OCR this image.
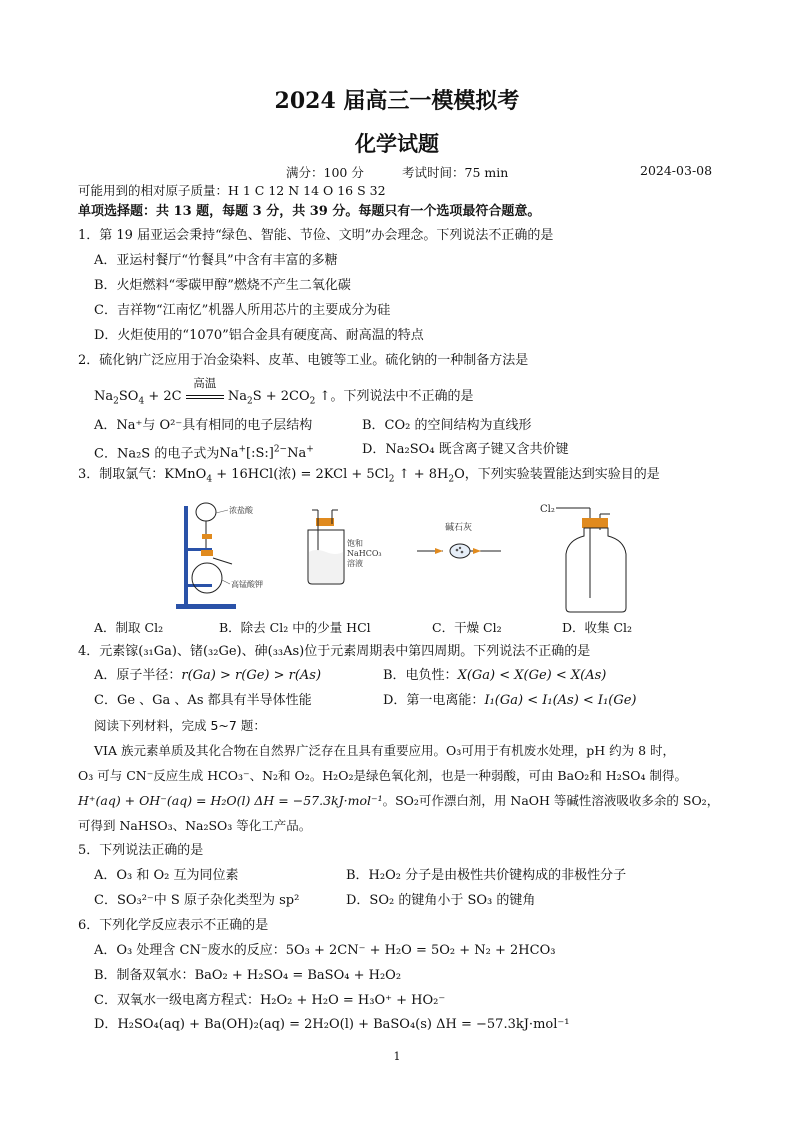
2024 届高三一模模拟考
化学试题
满分：100 分	考试时间：75 min	2024-03-08
可能用到的相对原子质量：H 1 C 12 N 14 O 16 S 32
单项选择题：共 13 题，每题 3 分，共 39 分。每题只有一个选项最符合题意。
1．第 19 届亚运会秉持“绿色、智能、节俭、文明”办会理念。下列说法不正确的是
A．亚运村餐厅“竹餐具”中含有丰富的多糖
B．火炬燃料“零碳甲醇”燃烧不产生二氧化碳
C．吉祥物“江南忆”机器人所用芯片的主要成分为硅
D．火炬使用的“1070”铝合金具有硬度高、耐高温的特点
2．硫化钠广泛应用于冶金染料、皮革、电镀等工业。硫化钠的一种制备方法是
$Na_2SO_4 + 2C$
高温
$Na_2S + 2CO_2$ ↑。下列说法中不正确的是
A．Na⁺与 O²⁻具有相同的电子层结构	B．CO₂ 的空间结构为直线形
C．Na₂S 的电子式为Na+[:S:]$^{2-}$Na+	D．Na₂SO₄ 既含离子键又含共价键
3．制取氯气：KMnO$_4$ + 16HCl(浓) = $2KCl + 5Cl_2$ ↑ + $8H_2O$，下列实验装置能达到实验目的是
浓盐酸
高锰酸钾
饱和 NaHCO₃ 溶液
碱石灰
Cl₂
A．制取 Cl₂	B．除去 Cl₂ 中的少量 HCl	C．干燥 Cl₂	D．收集 Cl₂
4．元素镓(₃₁Ga)、锗(₃₂Ge)、砷(₃₃As)位于元素周期表中第四周期。下列说法不正确的是
A．原子半径：r(Ga) > r(Ge) > r(As)	B．电负性：X(Ga) < X(Ge) < X(As)
C．Ge 、Ga 、As 都具有半导体性能	D．第一电离能：I₁(Ga) < I₁(As) < I₁(Ge)
阅读下列材料，完成 5~7 题：
VIA 族元素单质及其化合物在自然界广泛存在且具有重要应用。O₃可用于有机废水处理，pH 约为 8 时，
O₃ 可与 CN⁻反应生成 HCO₃⁻、N₂和 O₂。H₂O₂是绿色氧化剂，也是一种弱酸，可由 BaO₂和 H₂SO₄ 制得。
H⁺(aq) + OH⁻(aq) = H₂O(l) ΔH = −57.3kJ·mol⁻¹。SO₂可作漂白剂，用 NaOH 等碱性溶液吸收多余的 SO₂，
可得到 NaHSO₃、Na₂SO₃ 等化工产品。
5．下列说法正确的是
A．O₃ 和 O₂ 互为同位素	B．H₂O₂ 分子是由极性共价键构成的非极性分子
C．SO₃²⁻中 S 原子杂化类型为 sp²	D．SO₂ 的键角小于 SO₃ 的键角
6．下列化学反应表示不正确的是
A．O₃ 处理含 CN⁻废水的反应：5O₃ + 2CN⁻ + H₂O = 5O₂ + N₂ + 2HCO₃
B．制备双氧水：BaO₂ + H₂SO₄ = BaSO₄ + H₂O₂
C．双氧水一级电离方程式：H₂O₂ + H₂O = H₃O⁺ + HO₂⁻
D．H₂SO₄(aq) + Ba(OH)₂(aq) = 2H₂O(l) + BaSO₄(s) ΔH = −57.3kJ·mol⁻¹
1
